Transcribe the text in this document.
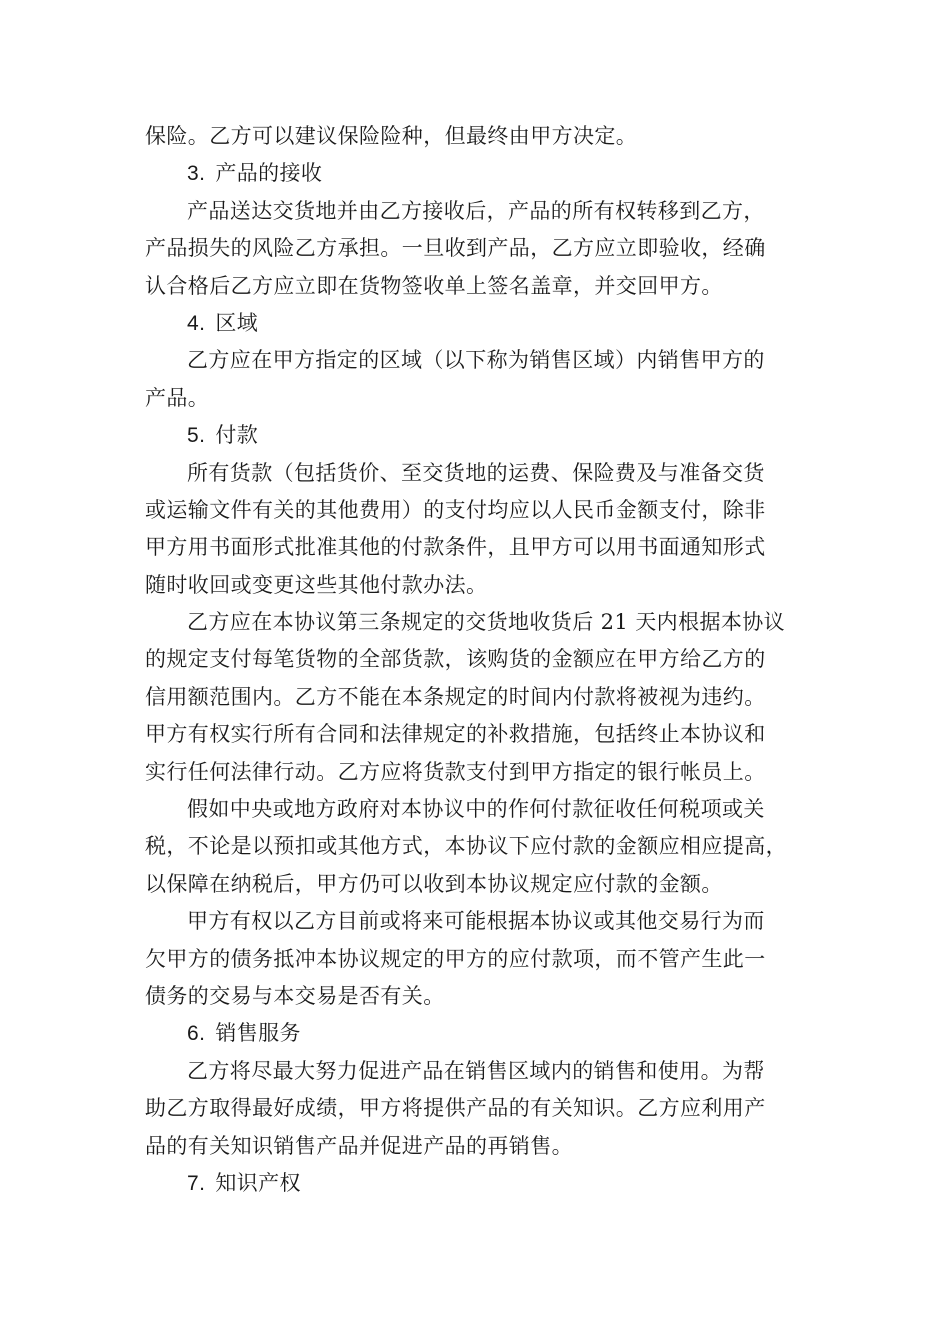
保险。乙方可以建议保险险种，但最终由甲方决定。
3. 产品的接收
产品送达交货地并由乙方接收后，产品的所有权转移到乙方，
产品损失的风险乙方承担。一旦收到产品，乙方应立即验收，经确
认合格后乙方应立即在货物签收单上签名盖章，并交回甲方。
4. 区域
乙方应在甲方指定的区域（以下称为销售区域）内销售甲方的
产品。
5. 付款
所有货款（包括货价、至交货地的运费、保险费及与准备交货
或运输文件有关的其他费用）的支付均应以人民币金额支付，除非
甲方用书面形式批准其他的付款条件，且甲方可以用书面通知形式
随时收回或变更这些其他付款办法。
乙方应在本协议第三条规定的交货地收货后 21 天内根据本协议
的规定支付每笔货物的全部货款，该购货的金额应在甲方给乙方的
信用额范围内。乙方不能在本条规定的时间内付款将被视为违约。
甲方有权实行所有合同和法律规定的补救措施，包括终止本协议和
实行任何法律行动。乙方应将货款支付到甲方指定的银行帐员上。
假如中央或地方政府对本协议中的作何付款征收任何税项或关
税，不论是以预扣或其他方式，本协议下应付款的金额应相应提高，
以保障在纳税后，甲方仍可以收到本协议规定应付款的金额。
甲方有权以乙方目前或将来可能根据本协议或其他交易行为而
欠甲方的债务抵冲本协议规定的甲方的应付款项，而不管产生此一
债务的交易与本交易是否有关。
6. 销售服务
乙方将尽最大努力促进产品在销售区域内的销售和使用。为帮
助乙方取得最好成绩，甲方将提供产品的有关知识。乙方应利用产
品的有关知识销售产品并促进产品的再销售。
7. 知识产权
